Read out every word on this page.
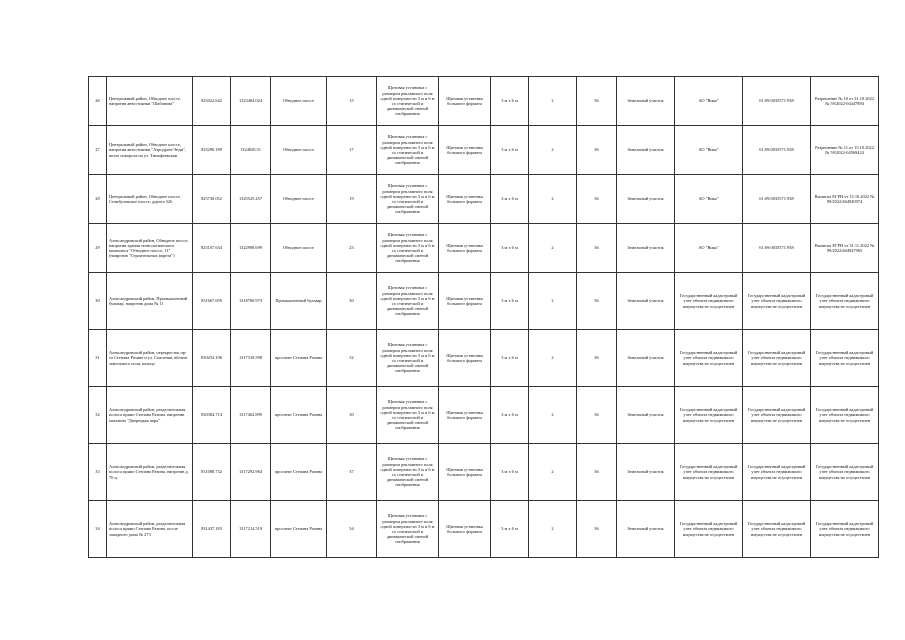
26	Центральный район, Обводное шоссе, напротив автостоянки "Шабанова"	825022.642	1323484.024	Обводное шоссе	15	Щитовая установка с размером рекламного поля одной поверхности 3 м и 6 м со статической и динамической сменой изображения	Щитовая установка большого формата	3 м x 6 м	2	36	Земельный участок	АО "Вика"	61:09:0035571:938	Разрешение № 10 от 31.10.2022 № 59/2022-04447894
27	Центральный район, Обводное шоссе, напротив автостоянки "Аэродром-Энди", возле поворота на ул. Тимофеевская	825290.189	1324820.51	Обводное шоссе	17	Щитовая установка с размером рекламного поля одной поверхности 3 м и 6 м со статической и динамической сменой изображения	Щитовая установка большого формата	3 м x 6 м	2	36	Земельный участок	АО "Вика"	61:09:0035571:938	Разрешение № 11 от 15.10.2022 № 59/2022-04569424
28	Центральный район, Обводное шоссе, Стамбуловское шоссе, дорога 326	825730.052	1325525.457	Обводное шоссе	19	Щитовая установка с размером рекламного поля одной поверхности 3 м и 6 м со статической и динамической сменой изображения	Щитовая установка большого формата	3 м x 6 м	2	36	Земельный участок	АО "Вика"	61:09:0035571:938	Выписка ЕГРН от 15.10.2022 № 99/2022/464940974
29	Александровский район, Обводное шоссе, напротив здания технологического комплекса "Обводное шоссе, 11" (напротив "Строительных ворота")	825107.634	1322988.699	Обводное шоссе	23	Щитовая установка с размером рекламного поля одной поверхности 3 м и 6 м со статической и динамической сменой изображения	Щитовая установка большого формата	3 м x 6 м	2	36	Земельный участок	АО "Вика"	61:09:0035571:938	Выписка ЕГРН от 31.11.2022 № 99/2022/464947965
30	Александровский район, Промышленный бульвар, напротив дома № 11	831667.659	1318760.973	Промышленный бульвар	30	Щитовая установка с размером рекламного поля одной поверхности 3 м и 6 м со статической и динамической сменой изображения	Щитовая установка большого формата	3 м x 6 м	2	36	Земельный участок	Государственный кадастровый учет объекта недвижимого имущества не осуществлен	Государственный кадастровый учет объекта недвижимого имущества не осуществлен	Государственный кадастровый учет объекта недвижимого имущества не осуществлен
31	Александровский район, перекресток пр-та Степана Разина и ул. Спасения, вблизи земельного поля, кольцо	830253.196	1317318.598	проспект Степана Разина	32	Щитовая установка с размером рекламного поля одной поверхности 3 м и 6 м со статической и динамической сменой изображения	Щитовая установка большого формата	3 м x 6 м	2	36	Земельный участок	Государственный кадастровый учет объекта недвижимого имущества не осуществлен	Государственный кадастровый учет объекта недвижимого имущества не осуществлен	Государственный кадастровый учет объекта недвижимого имущества не осуществлен
32	Александровский район, разделительная полоса прямо Степана Разина, напротив магазина "Дворецкая пара"	830384.714	1317462.899	проспект Степана Разина	30	Щитовая установка с размером рекламного поля одной поверхности 3 м и 6 м со статической и динамической сменой изображения	Щитовая установка большого формата	3 м x 6 м	2	36	Земельный участок	Государственный кадастровый учет объекта недвижимого имущества не осуществлен	Государственный кадастровый учет объекта недвижимого имущества не осуществлен	Государственный кадастровый учет объекта недвижимого имущества не осуществлен
33	Александровский район, разделительная полоса прямо Степана Разина, напротив д. 76 ц.	831088.732	1317292.964	проспект Степана Разина	37	Щитовая установка с размером рекламного поля одной поверхности 3 м и 6 м со статической и динамической сменой изображения	Щитовая установка большого формата	3 м x 6 м	2	36	Земельный участок	Государственный кадастровый учет объекта недвижимого имущества не осуществлен	Государственный кадастровый учет объекта недвижимого имущества не осуществлен	Государственный кадастровый учет объекта недвижимого имущества не осуществлен
34	Александровский район, разделительная полоса прямо Степана Разина, после западного дома № 273	831437.183	1317214.519	проспект Степана Разина	34	Щитовая установка с размером рекламного поля одной поверхности 3 м и 6 м со статической и динамической сменой изображения	Щитовая установка большого формата	3 м x 6 м	2	36	Земельный участок	Государственный кадастровый учет объекта недвижимого имущества не осуществлен	Государственный кадастровый учет объекта недвижимого имущества не осуществлен	Государственный кадастровый учет объекта недвижимого имущества не осуществлен
